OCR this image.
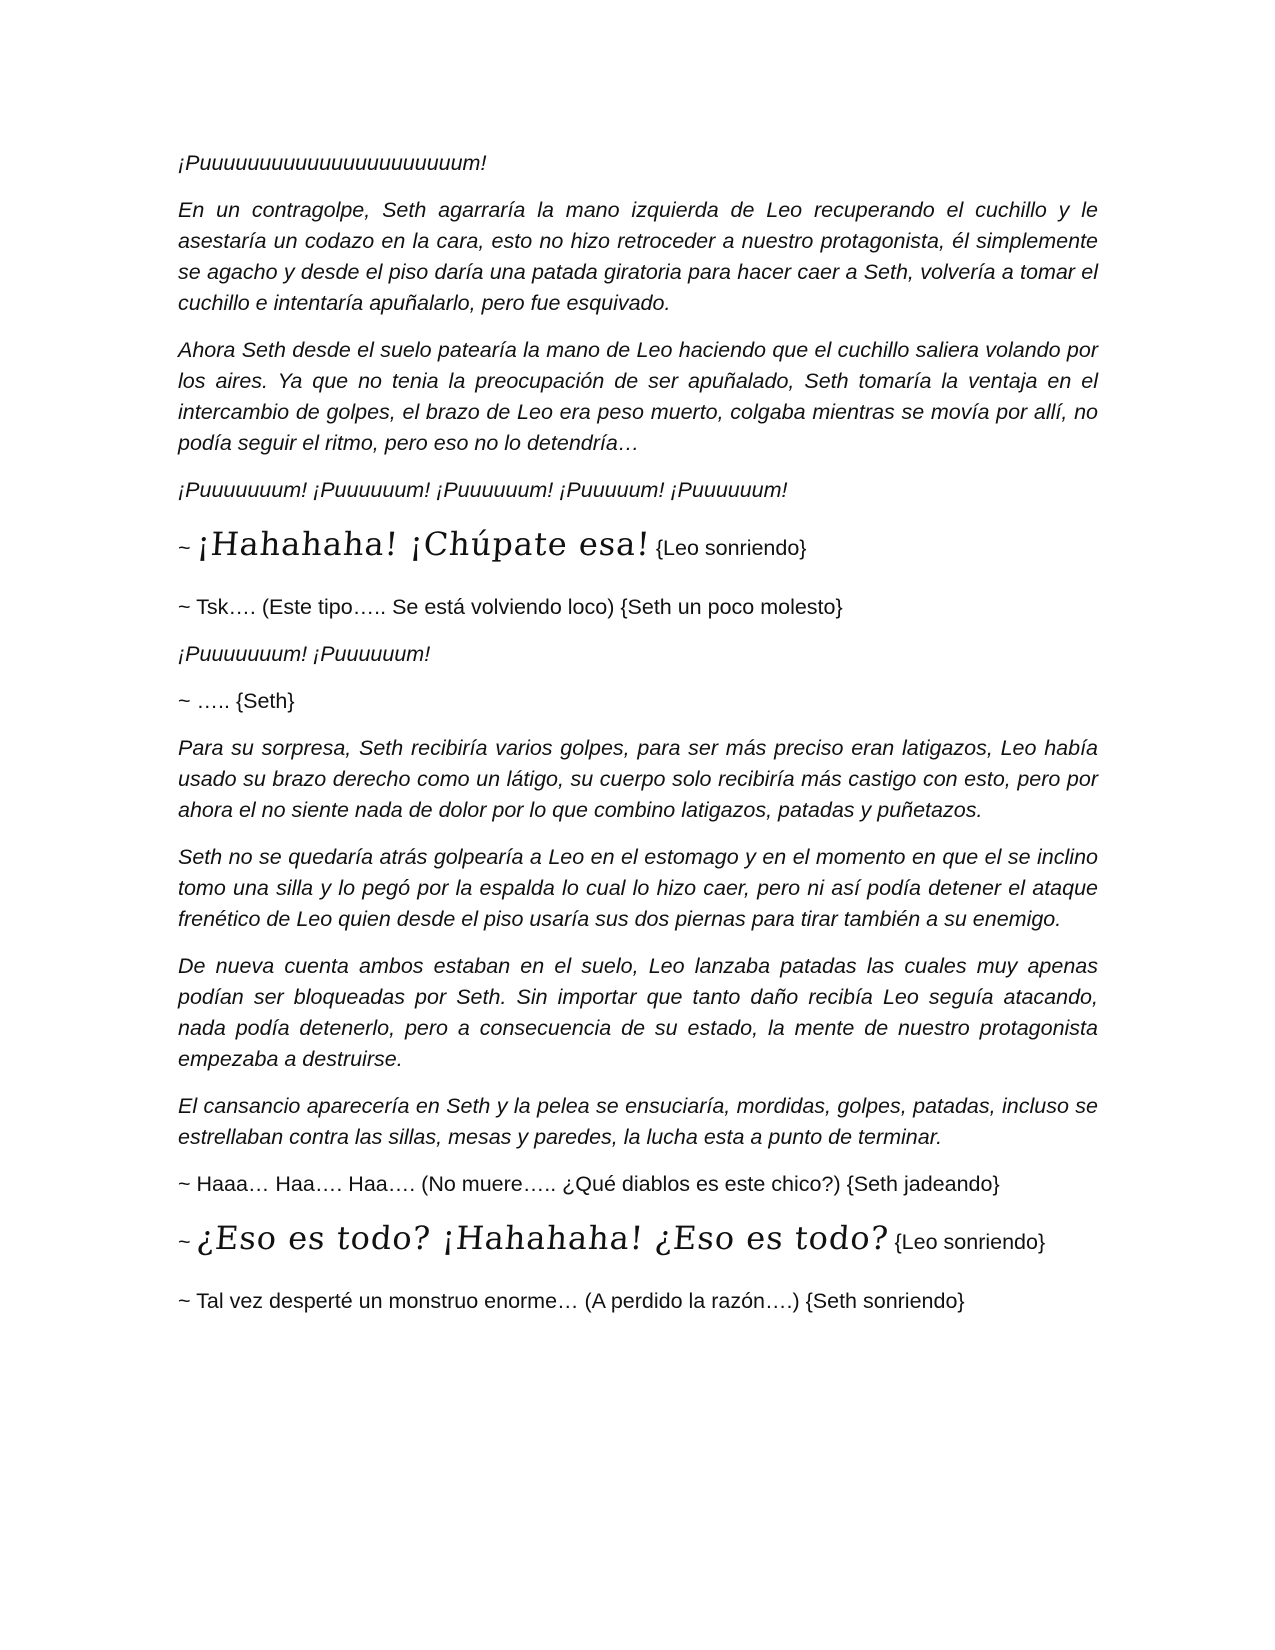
¡Puuuuuuuuuuuuuuuuuuuuuum!

En un contragolpe, Seth agarraría la mano izquierda de Leo recuperando el cuchillo y le asestaría un codazo en la cara, esto no hizo retroceder a nuestro protagonista, él simplemente se agacho y desde el piso daría una patada giratoria para hacer caer a Seth, volvería a tomar el cuchillo e intentaría apuñalarlo, pero fue esquivado.

Ahora Seth desde el suelo patearía la mano de Leo haciendo que el cuchillo saliera volando por los aires. Ya que no tenia la preocupación de ser apuñalado, Seth tomaría la ventaja en el intercambio de golpes, el brazo de Leo era peso muerto, colgaba mientras se movía por allí, no podía seguir el ritmo, pero eso no lo detendría…

¡Puuuuuuum! ¡Puuuuuum! ¡Puuuuuum! ¡Puuuuum! ¡Puuuuuum!

~ ¡Hahahaha! ¡Chúpate esa! {Leo sonriendo}

~ Tsk…. (Este tipo….. Se está volviendo loco) {Seth un poco molesto}

¡Puuuuuuum! ¡Puuuuuum!

~ ….. {Seth}

Para su sorpresa, Seth recibiría varios golpes, para ser más preciso eran latigazos, Leo había usado su brazo derecho como un látigo, su cuerpo solo recibiría más castigo con esto, pero por ahora el no siente nada de dolor por lo que combino latigazos, patadas y puñetazos.

Seth no se quedaría atrás golpearía a Leo en el estomago y en el momento en que el se inclino tomo una silla y lo pegó por la espalda lo cual lo hizo caer, pero ni así podía detener el ataque frenético de Leo quien desde el piso usaría sus dos piernas para tirar también a su enemigo.

De nueva cuenta ambos estaban en el suelo, Leo lanzaba patadas las cuales muy apenas podían ser bloqueadas por Seth. Sin importar que tanto daño recibía Leo seguía atacando, nada podía detenerlo, pero a consecuencia de su estado, la mente de nuestro protagonista empezaba a destruirse.

El cansancio aparecería en Seth y la pelea se ensuciaría, mordidas, golpes, patadas, incluso se estrellaban contra las sillas, mesas y paredes, la lucha esta a punto de terminar.

~ Haaa… Haa…. Haa…. (No muere….. ¿Qué diablos es este chico?) {Seth jadeando}

~ ¿Eso es todo? ¡Hahahaha! ¿Eso es todo? {Leo sonriendo}

~ Tal vez desperté un monstruo enorme… (A perdido la razón….) {Seth sonriendo}
